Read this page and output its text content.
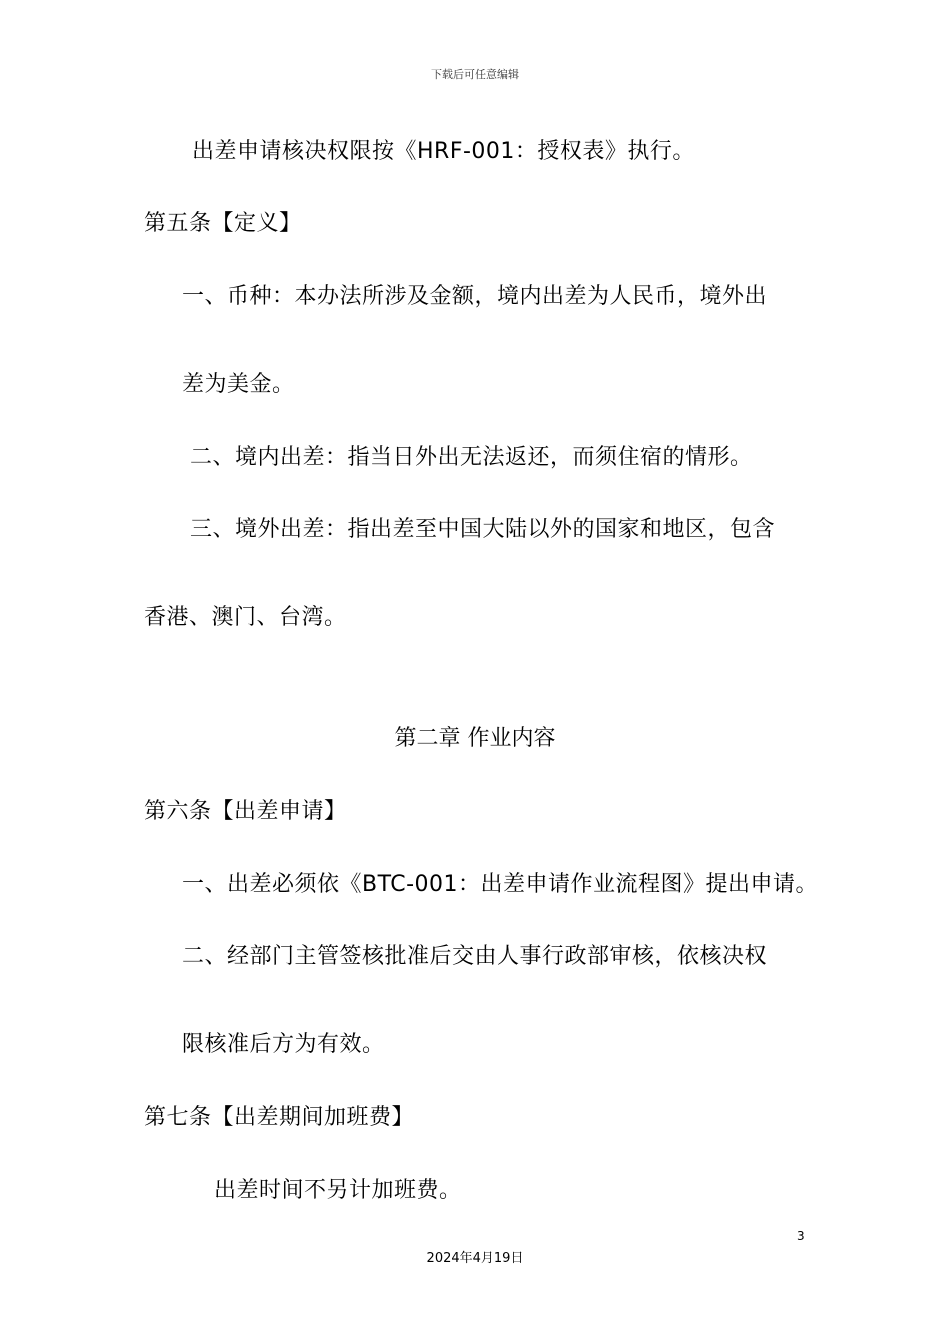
下载后可任意编辑
出差申请核决权限按《HRF-001：授权表》执行。
第五条【定义】
一、币种：本办法所涉及金额，境内出差为人民币，境外出
差为美金。
二、境内出差：指当日外出无法返还，而须住宿的情形。
三、境外出差：指出差至中国大陆以外的国家和地区，包含
香港、澳门、台湾。
第二章 作业内容
第六条【出差申请】
一、出差必须依《BTC-001：出差申请作业流程图》提出申请。
二、经部门主管签核批准后交由人事行政部审核，依核决权
限核准后方为有效。
第七条【出差期间加班费】
出差时间不另计加班费。
3
2024年4月19日
